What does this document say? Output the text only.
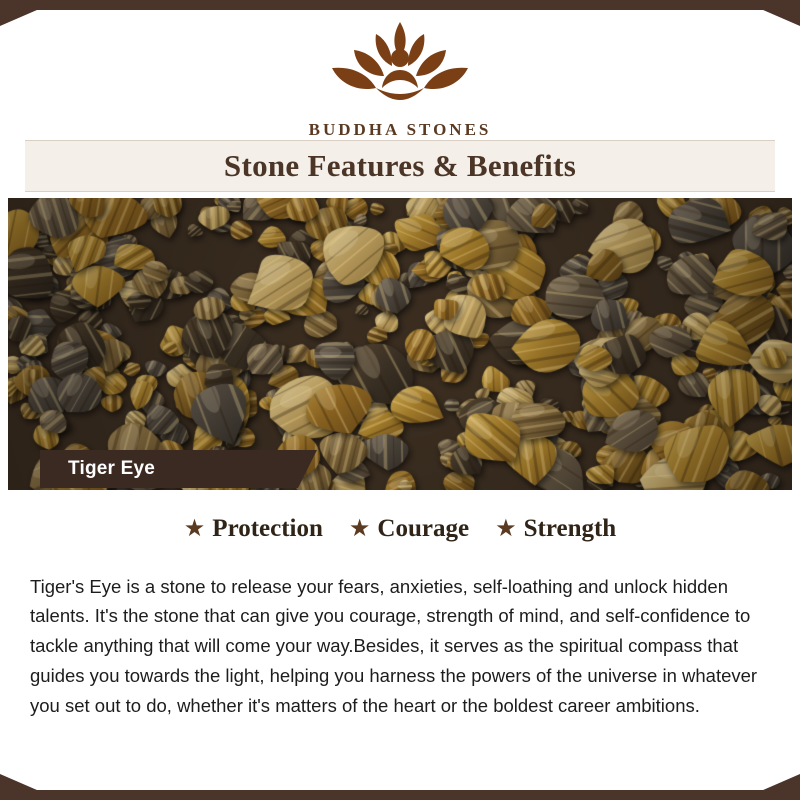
BUDDHA STONES
Stone Features & Benefits
Tiger Eye
★ Protection ★ Courage ★ Strength

Tiger's Eye is a stone to release your fears, anxieties, self-loathing and unlock hidden talents. It's the stone that can give you courage, strength of mind, and self-confidence to tackle anything that will come your way.Besides, it serves as the spiritual compass that guides you towards the light, helping you harness the powers of the universe in whatever you set out to do, whether it's matters of the heart or the boldest career ambitions.
